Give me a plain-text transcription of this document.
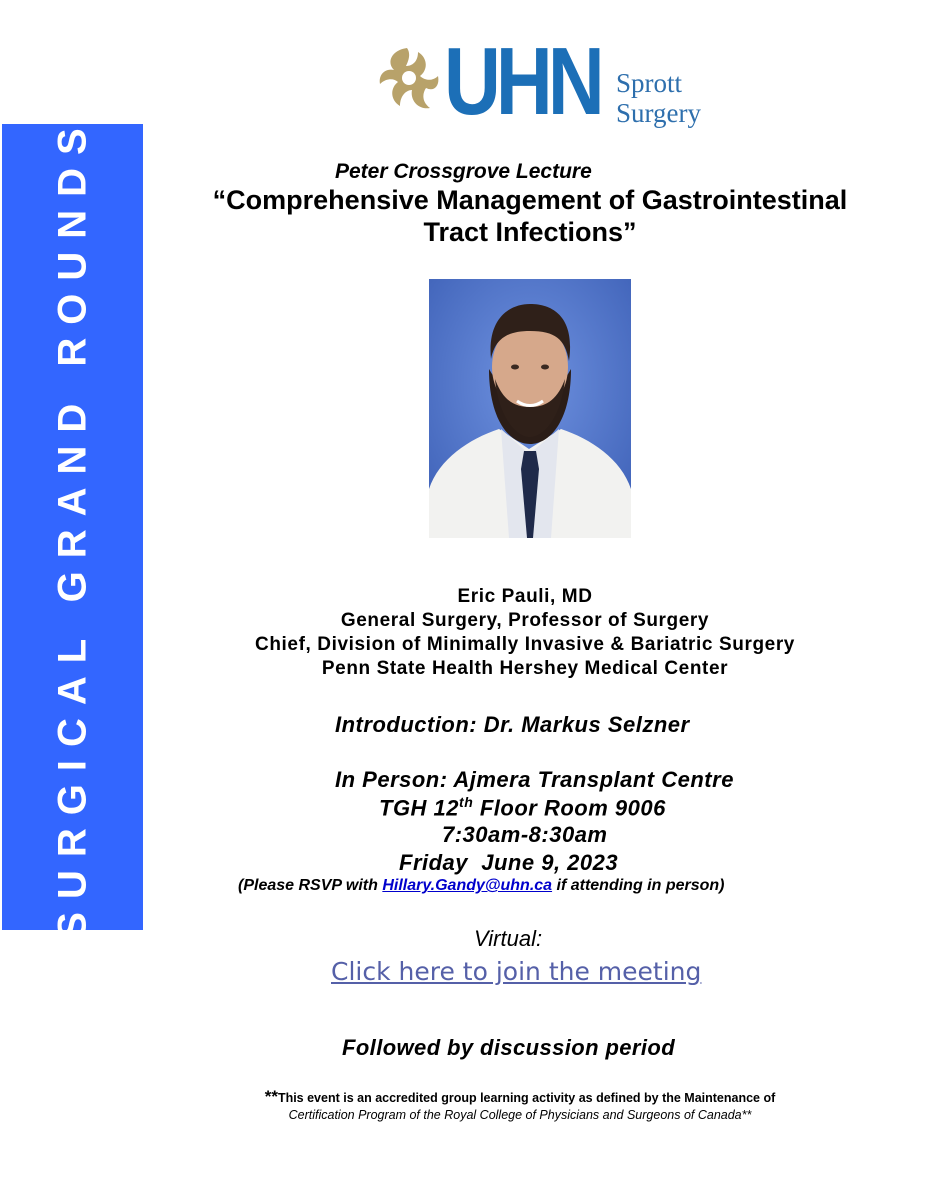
UHN Sprott
Surgery
SURGICAL GRAND ROUNDS	Peter Crossgrove Lecture
“Comprehensive Management of Gastrointestinal
Tract Infections”
Eric Pauli, MD
General Surgery, Professor of Surgery
Chief, Division of Minimally Invasive & Bariatric Surgery
Penn State Health Hershey Medical Center
Introduction: Dr. Markus Selzner
In Person: Ajmera Transplant Centre
TGH 12th Floor Room 9006
7:30am-8:30am
Friday  June 9, 2023
(Please RSVP with Hillary.Gandy@uhn.ca if attending in person)
Virtual:
Click here to join the meeting
Followed by discussion period
**This event is an accredited group learning activity as defined by the Maintenance of
Certification Program of the Royal College of Physicians and Surgeons of Canada**
